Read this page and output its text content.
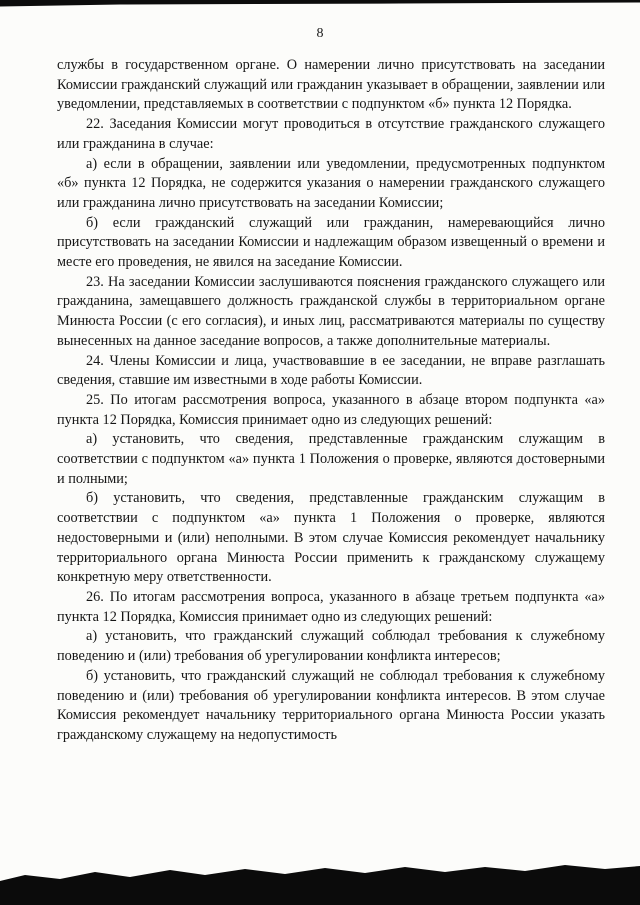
8

службы в государственном органе. О намерении лично присутствовать на заседании Комиссии гражданский служащий или гражданин указывает в обращении, заявлении или уведомлении, представляемых в соответствии с подпунктом «б» пункта 12 Порядка.

22. Заседания Комиссии могут проводиться в отсутствие гражданского служащего или гражданина в случае:

а) если в обращении, заявлении или уведомлении, предусмотренных подпунктом «б» пункта 12 Порядка, не содержится указания о намерении гражданского служащего или гражданина лично присутствовать на заседании Комиссии;

б) если гражданский служащий или гражданин, намеревающийся лично присутствовать на заседании Комиссии и надлежащим образом извещенный о времени и месте его проведения, не явился на заседание Комиссии.

23. На заседании Комиссии заслушиваются пояснения гражданского служащего или гражданина, замещавшего должность гражданской службы в территориальном органе Минюста России (с его согласия), и иных лиц, рассматриваются материалы по существу вынесенных на данное заседание вопросов, а также дополнительные материалы.

24. Члены Комиссии и лица, участвовавшие в ее заседании, не вправе разглашать сведения, ставшие им известными в ходе работы Комиссии.

25. По итогам рассмотрения вопроса, указанного в абзаце втором подпункта «а» пункта 12 Порядка, Комиссия принимает одно из следующих решений:

а) установить, что сведения, представленные гражданским служащим в соответствии с подпунктом «а» пункта 1 Положения о проверке, являются достоверными и полными;

б) установить, что сведения, представленные гражданским служащим в соответствии с подпунктом «а» пункта 1 Положения о проверке, являются недостоверными и (или) неполными. В этом случае Комиссия рекомендует начальнику территориального органа Минюста России применить к гражданскому служащему конкретную меру ответственности.

26. По итогам рассмотрения вопроса, указанного в абзаце третьем подпункта «а» пункта 12 Порядка, Комиссия принимает одно из следующих решений:

а) установить, что гражданский служащий соблюдал требования к служебному поведению и (или) требования об урегулировании конфликта интересов;

б) установить, что гражданский служащий не соблюдал требования к служебному поведению и (или) требования об урегулировании конфликта интересов. В этом случае Комиссия рекомендует начальнику территориального органа Минюста России указать гражданскому служащему на недопустимость
